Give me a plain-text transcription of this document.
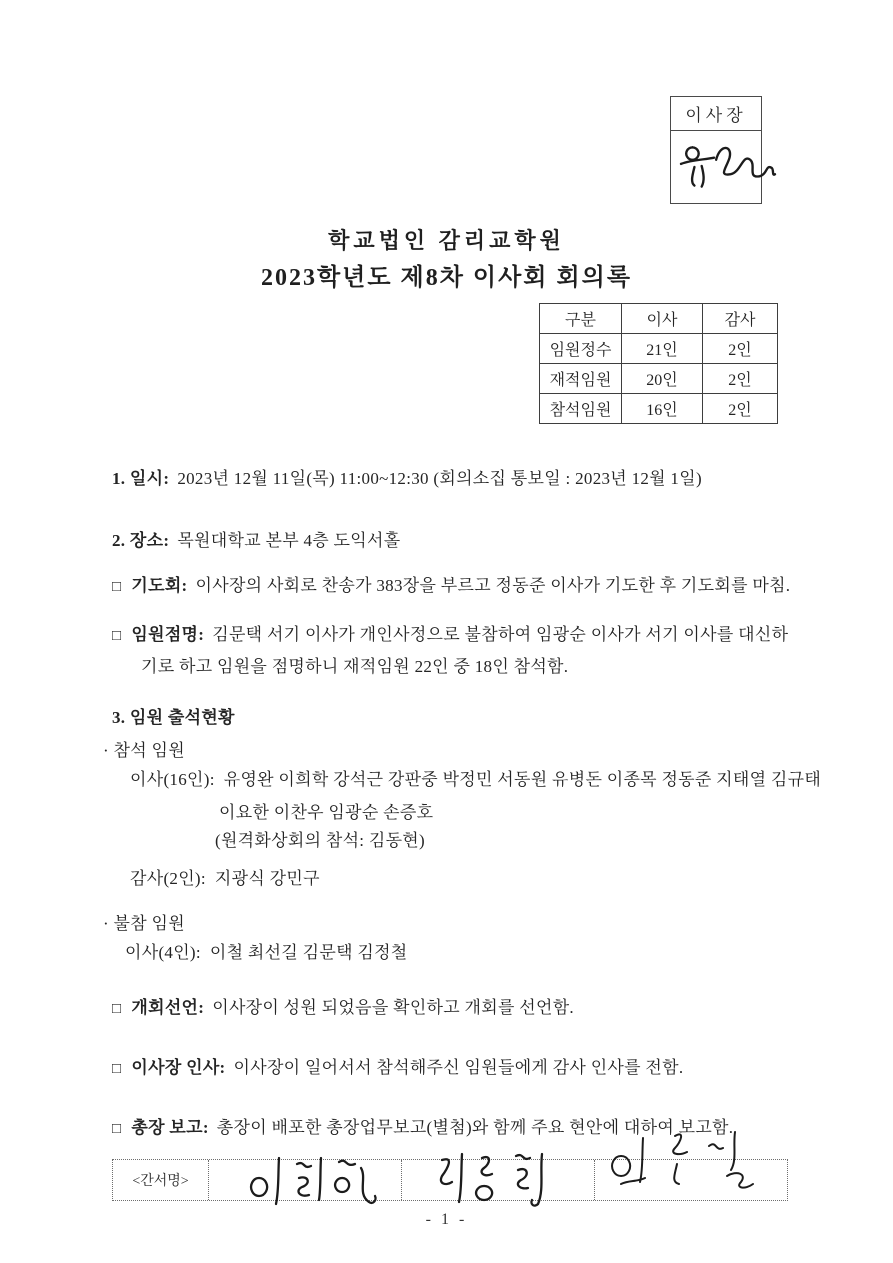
이사장
학교법인 감리교학원
2023학년도 제8차 이사회 회의록
구분	이사	감사
임원정수	21인	2인
재적임원	20인	2인
참석임원	16인	2인
1. 일시: 2023년 12월 11일(목) 11:00~12:30 (회의소집 통보일 : 2023년 12월 1일)
2. 장소: 목원대학교 본부 4층 도익서홀
□ 기도회: 이사장의 사회로 찬송가 383장을 부르고 정동준 이사가 기도한 후 기도회를 마침.
□ 임원점명: 김문택 서기 이사가 개인사정으로 불참하여 임광순 이사가 서기 이사를 대신하
기로 하고 임원을 점명하니 재적임원 22인 중 18인 참석함.
3. 임원 출석현황
· 참석 임원
이사(16인): 유영완 이희학 강석근 강판중 박정민 서동원 유병돈 이종목 정동준 지태열 김규태
이요한 이찬우 임광순 손증호
(원격화상회의 참석: 김동현)
감사(2인): 지광식 강민구
· 불참 임원
이사(4인): 이철 최선길 김문택 김정철
□ 개회선언: 이사장이 성원 되었음을 확인하고 개회를 선언함.
□ 이사장 인사: 이사장이 일어서서 참석해주신 임원들에게 감사 인사를 전함.
□ 총장 보고: 총장이 배포한 총장업무보고(별첨)와 함께 주요 현안에 대하여 보고함.
<간서명>
- 1 -
